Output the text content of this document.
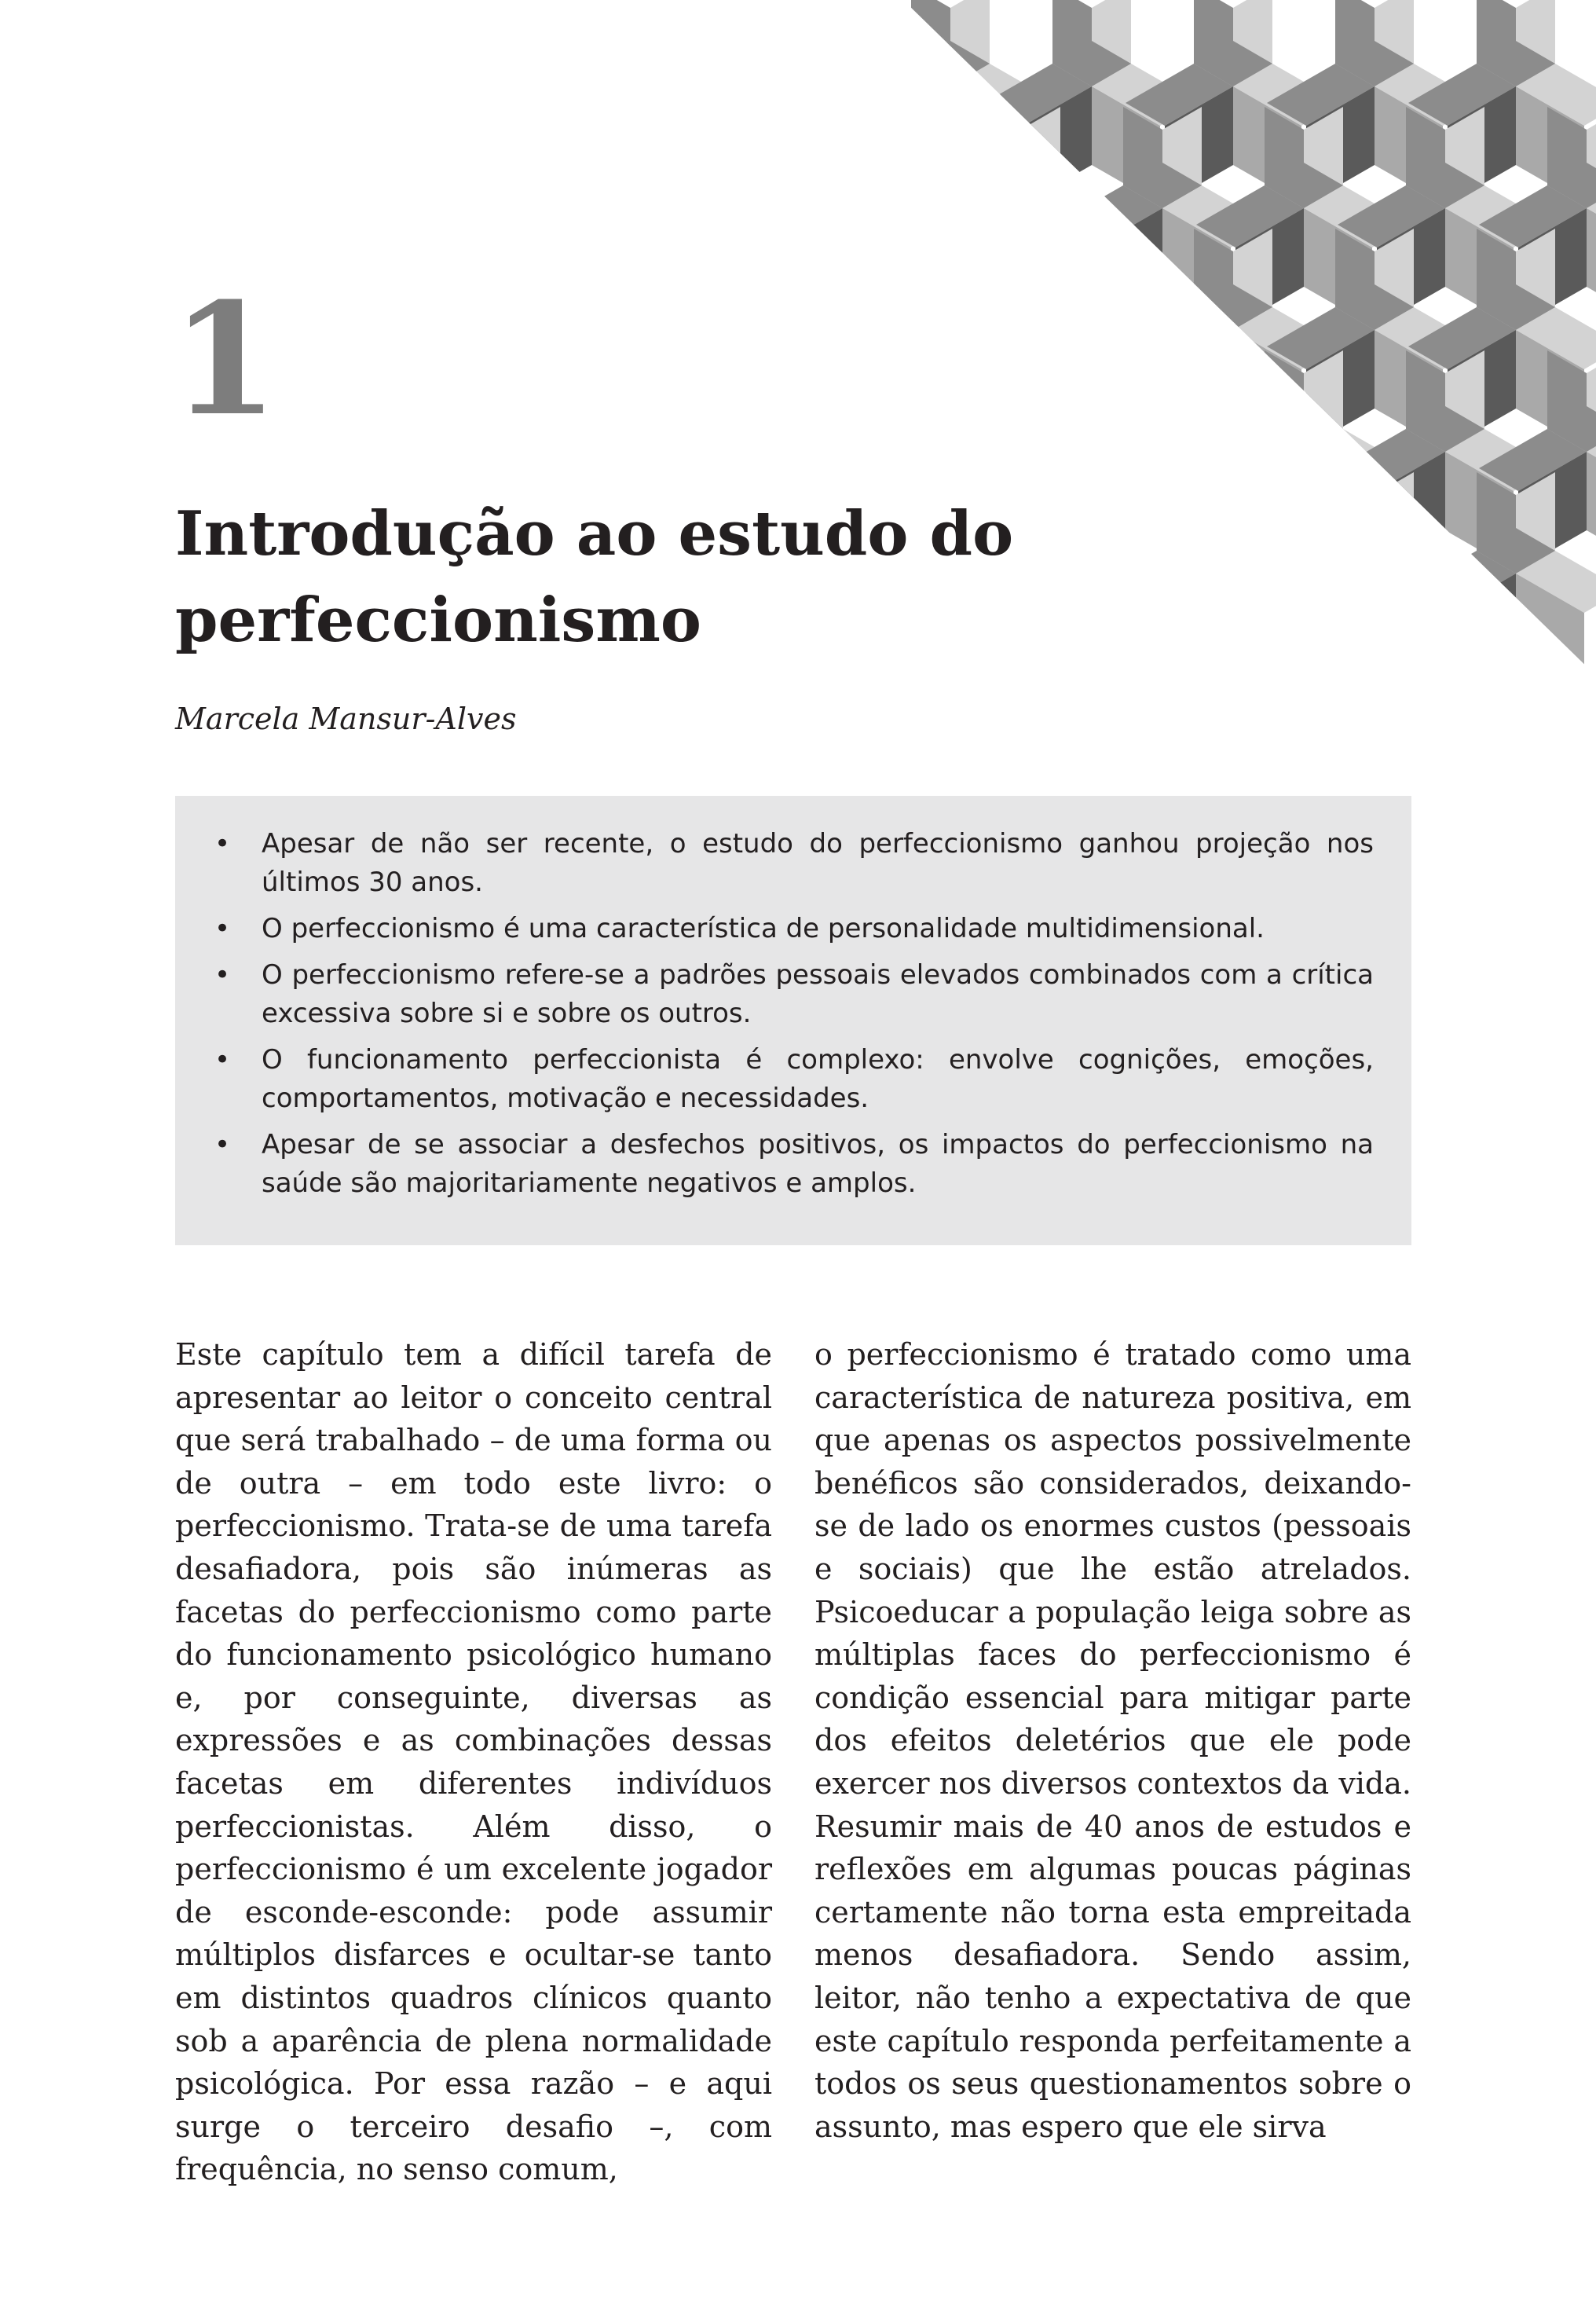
1
Introdução ao estudo do perfeccionismo
Marcela Mansur-Alves
•	Apesar de não ser recente, o estudo do perfeccionismo ganhou projeção nos últimos 30 anos.
•	O perfeccionismo é uma característica de personalidade multidimensional.
•	O perfeccionismo refere-se a padrões pessoais elevados combinados com a crítica excessiva sobre si e sobre os outros.
•	O funcionamento perfeccionista é complexo: envolve cognições, emoções, comportamentos, motivação e necessidades.
•	Apesar de se associar a desfechos positivos, os impactos do perfeccionismo na saúde são majoritariamente negativos e amplos.

Este capítulo tem a difícil tarefa de apresentar ao leitor o conceito central que será trabalhado – de uma forma ou de outra – em todo este livro: o perfeccionismo. Trata-se de uma tarefa desafiadora, pois são inúmeras as facetas do perfeccionismo como parte do funcionamento psicológico humano e, por conseguinte, diversas as expressões e as combinações dessas facetas em diferentes indivíduos perfeccionistas. Além disso, o perfeccionismo é um excelente jogador de esconde-esconde: pode assumir múltiplos disfarces e ocultar-se tanto em distintos quadros clínicos quanto sob a aparência de plena normalidade psicológica. Por essa razão – e aqui surge o terceiro desafio –, com frequência, no senso comum,

o perfeccionismo é tratado como uma característica de natureza positiva, em que apenas os aspectos possivelmente benéficos são considerados, deixando-se de lado os enormes custos (pessoais e sociais) que lhe estão atrelados. Psicoeducar a população leiga sobre as múltiplas faces do perfeccionismo é condição essencial para mitigar parte dos efeitos deletérios que ele pode exercer nos diversos contextos da vida. Resumir mais de 40 anos de estudos e reflexões em algumas poucas páginas certamente não torna esta empreitada menos desafiadora. Sendo assim, leitor, não tenho a expectativa de que este capítulo responda perfeitamente a todos os seus questionamentos sobre o assunto, mas espero que ele sirva
